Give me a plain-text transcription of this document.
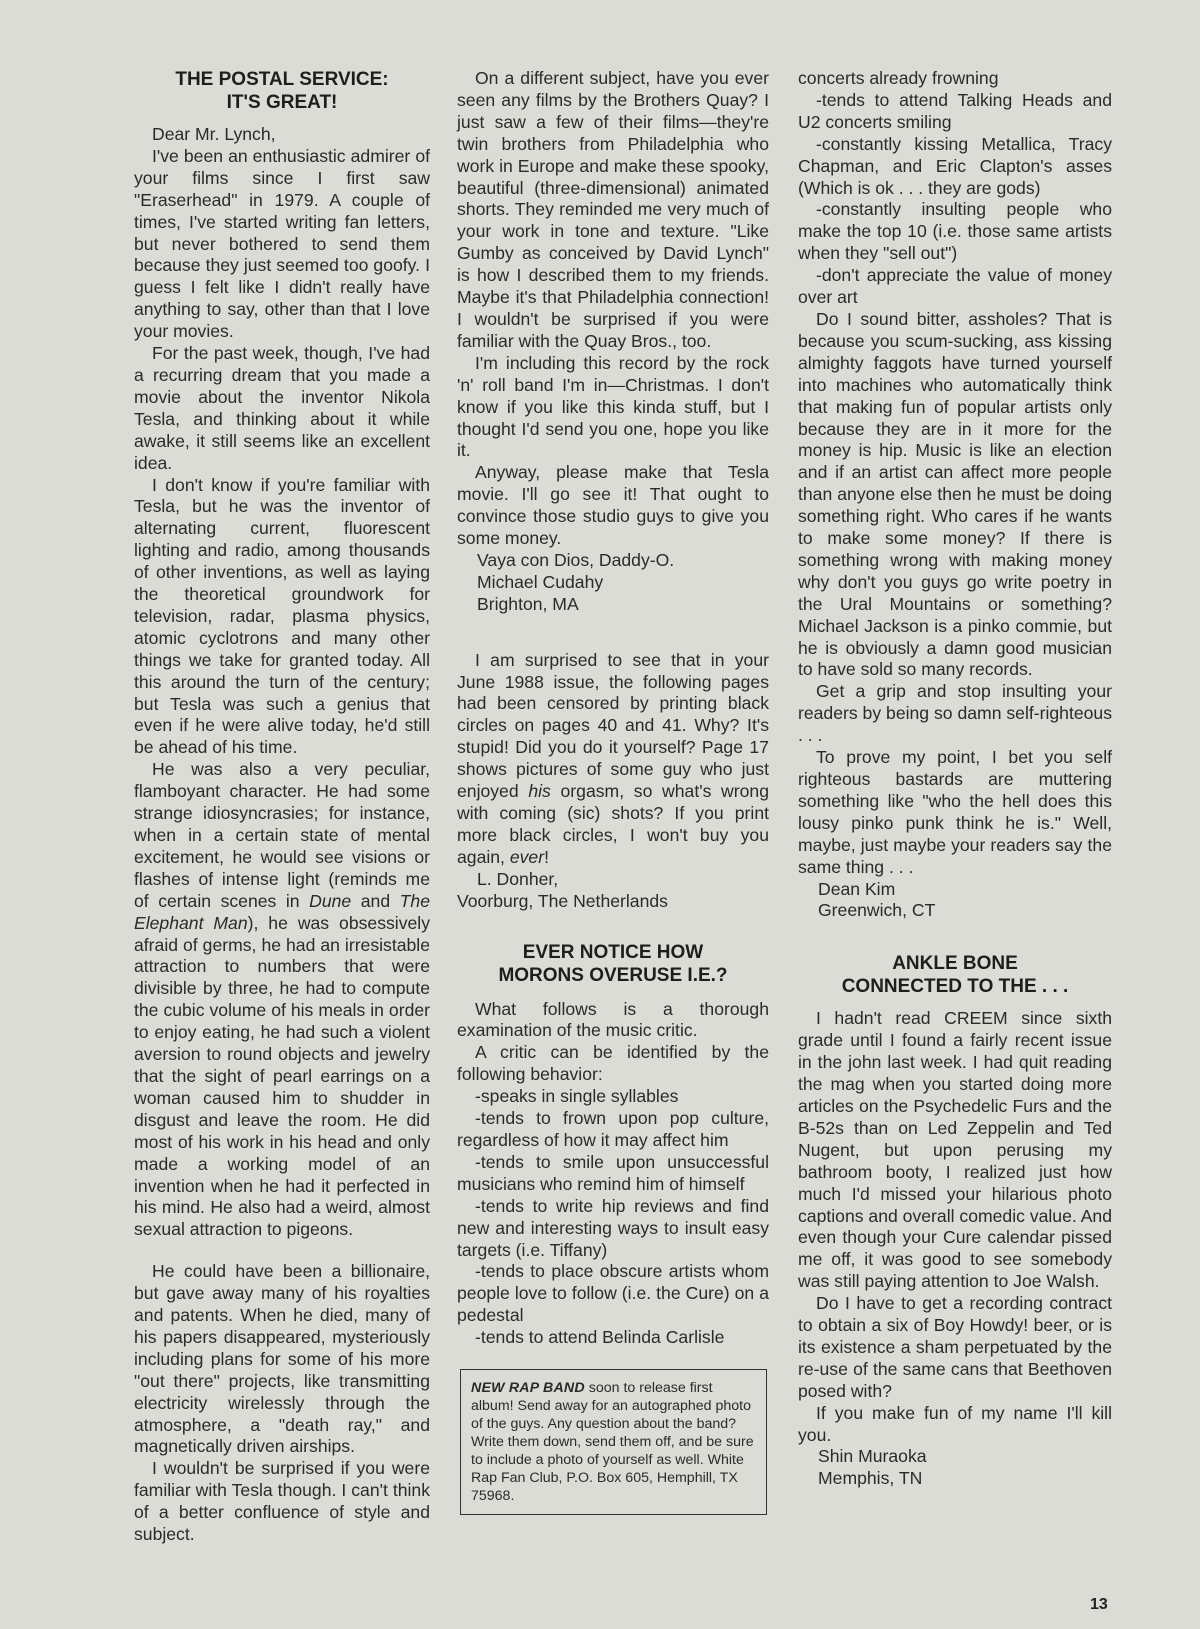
THE POSTAL SERVICE:
IT'S GREAT!

Dear Mr. Lynch,

I've been an enthusiastic admirer of your films since I first saw "Eraserhead" in 1979. A couple of times, I've started writing fan letters, but never bothered to send them because they just seemed too goofy. I guess I felt like I didn't really have anything to say, other than that I love your movies.

For the past week, though, I've had a recurring dream that you made a movie about the inventor Nikola Tesla, and thinking about it while awake, it still seems like an excellent idea.

I don't know if you're familiar with Tesla, but he was the inventor of alternating current, fluorescent lighting and radio, among thousands of other inventions, as well as laying the theoretical groundwork for television, radar, plasma physics, atomic cyclotrons and many other things we take for granted today. All this around the turn of the century; but Tesla was such a genius that even if he were alive today, he'd still be ahead of his time.

He was also a very peculiar, flamboyant character. He had some strange idiosyncrasies; for instance, when in a certain state of mental excitement, he would see visions or flashes of intense light (reminds me of certain scenes in Dune and The Elephant Man), he was obsessively afraid of germs, he had an irresistable attraction to numbers that were divisible by three, he had to compute the cubic volume of his meals in order to enjoy eating, he had such a violent aversion to round objects and jewelry that the sight of pearl earrings on a woman caused him to shudder in disgust and leave the room. He did most of his work in his head and only made a working model of an invention when he had it perfected in his mind. He also had a weird, almost sexual attraction to pigeons.

He could have been a billionaire, but gave away many of his royalties and patents. When he died, many of his papers disappeared, mysteriously including plans for some of his more "out there" projects, like transmitting electricity wirelessly through the atmosphere, a "death ray," and magnetically driven airships.

I wouldn't be surprised if you were familiar with Tesla though. I can't think of a better confluence of style and subject.

On a different subject, have you ever seen any films by the Brothers Quay? I just saw a few of their films—they're twin brothers from Philadelphia who work in Europe and make these spooky, beautiful (three-dimensional) animated shorts. They reminded me very much of your work in tone and texture. "Like Gumby as conceived by David Lynch" is how I described them to my friends. Maybe it's that Philadelphia connection! I wouldn't be surprised if you were familiar with the Quay Bros., too.

I'm including this record by the rock 'n' roll band I'm in—Christmas. I don't know if you like this kinda stuff, but I thought I'd send you one, hope you like it.

Anyway, please make that Tesla movie. I'll go see it! That ought to convince those studio guys to give you some money.

Vaya con Dios, Daddy-O.

Michael Cudahy

Brighton, MA

I am surprised to see that in your June 1988 issue, the following pages had been censored by printing black circles on pages 40 and 41. Why? It's stupid! Did you do it yourself? Page 17 shows pictures of some guy who just enjoyed his orgasm, so what's wrong with coming (sic) shots? If you print more black circles, I won't buy you again, ever!

L. Donher,

Voorburg, The Netherlands

EVER NOTICE HOW
MORONS OVERUSE I.E.?

What follows is a thorough examination of the music critic.

A critic can be identified by the following behavior:

-speaks in single syllables

-tends to frown upon pop culture, regardless of how it may affect him

-tends to smile upon unsuccessful musicians who remind him of himself

-tends to write hip reviews and find new and interesting ways to insult easy targets (i.e. Tiffany)

-tends to place obscure artists whom people love to follow (i.e. the Cure) on a pedestal

-tends to attend Belinda Carlisle

NEW RAP BAND soon to release first album! Send away for an autographed photo of the guys. Any question about the band? Write them down, send them off, and be sure to include a photo of yourself as well. White Rap Fan Club, P.O. Box 605, Hemphill, TX 75968.

concerts already frowning

-tends to attend Talking Heads and U2 concerts smiling

-constantly kissing Metallica, Tracy Chapman, and Eric Clapton's asses (Which is ok . . . they are gods)

-constantly insulting people who make the top 10 (i.e. those same artists when they "sell out")

-don't appreciate the value of money over art

Do I sound bitter, assholes? That is because you scum-sucking, ass kissing almighty faggots have turned yourself into machines who automatically think that making fun of popular artists only because they are in it more for the money is hip. Music is like an election and if an artist can affect more people than anyone else then he must be doing something right. Who cares if he wants to make some money? If there is something wrong with making money why don't you guys go write poetry in the Ural Mountains or something? Michael Jackson is a pinko commie, but he is obviously a damn good musician to have sold so many records.

Get a grip and stop insulting your readers by being so damn self-righteous . . .

To prove my point, I bet you self righteous bastards are muttering something like "who the hell does this lousy pinko punk think he is." Well, maybe, just maybe your readers say the same thing . . .

Dean Kim

Greenwich, CT

ANKLE BONE
CONNECTED TO THE . . .

I hadn't read CREEM since sixth grade until I found a fairly recent issue in the john last week. I had quit reading the mag when you started doing more articles on the Psychedelic Furs and the B-52s than on Led Zeppelin and Ted Nugent, but upon perusing my bathroom booty, I realized just how much I'd missed your hilarious photo captions and overall comedic value. And even though your Cure calendar pissed me off, it was good to see somebody was still paying attention to Joe Walsh.

Do I have to get a recording contract to obtain a six of Boy Howdy! beer, or is its existence a sham perpetuated by the re-use of the same cans that Beethoven posed with?

If you make fun of my name I'll kill you.

Shin Muraoka

Memphis, TN

13
